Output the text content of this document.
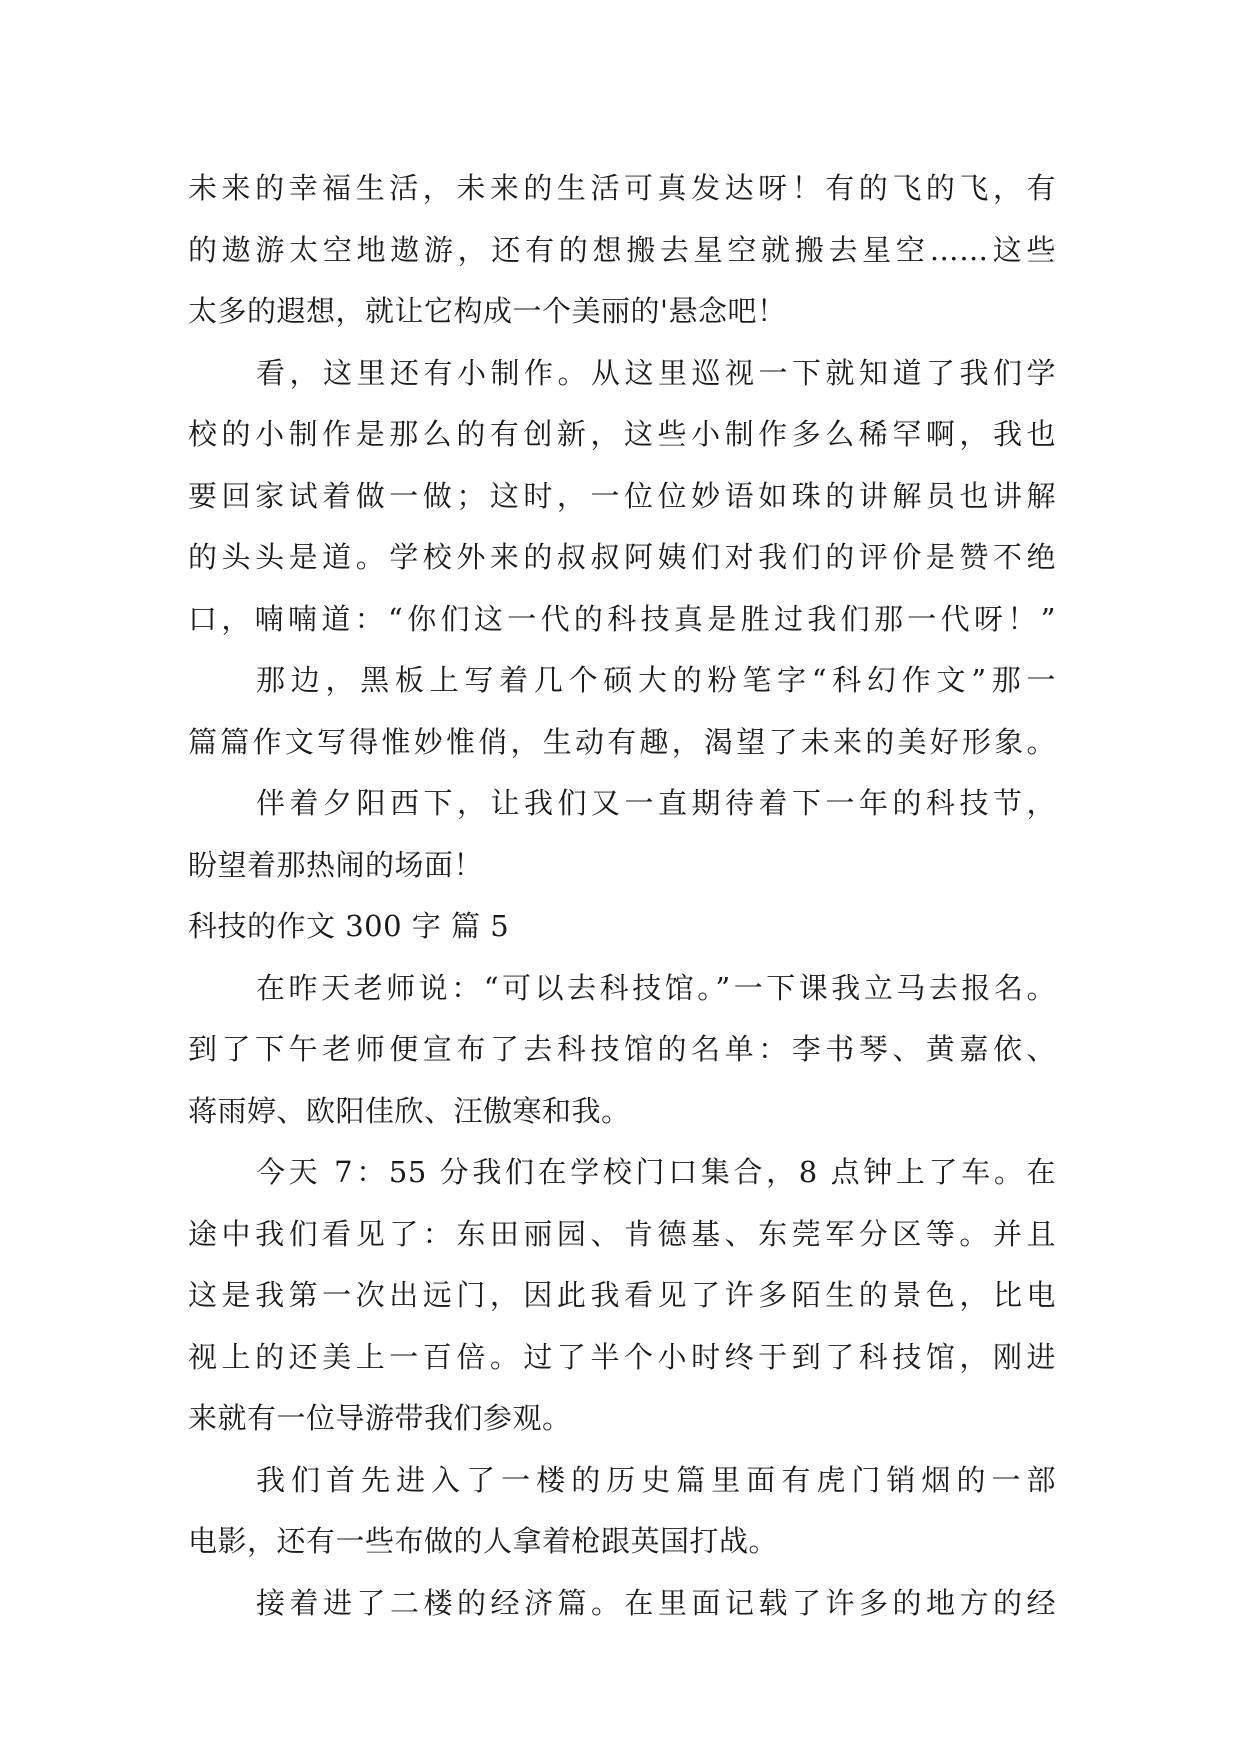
未来的幸福生活，未来的生活可真发达呀！有的飞的飞，有
的遨游太空地遨游，还有的想搬去星空就搬去星空……这些
太多的遐想，就让它构成一个美丽的'悬念吧！
看，这里还有小制作。从这里巡视一下就知道了我们学
校的小制作是那么的有创新，这些小制作多么稀罕啊，我也
要回家试着做一做；这时，一位位妙语如珠的讲解员也讲解
的头头是道。学校外来的叔叔阿姨们对我们的评价是赞不绝
口，喃喃道：“你们这一代的科技真是胜过我们那一代呀！”
那边，黑板上写着几个硕大的粉笔字“科幻作文”那一
篇篇作文写得惟妙惟俏，生动有趣，渴望了未来的美好形象。
伴着夕阳西下，让我们又一直期待着下一年的科技节，
盼望着那热闹的场面！
科技的作文 300 字 篇 5
在昨天老师说：“可以去科技馆。”一下课我立马去报名。
到了下午老师便宣布了去科技馆的名单：李书琴、黄嘉依、
蒋雨婷、欧阳佳欣、汪傲寒和我。
今天 7：55 分我们在学校门口集合，8 点钟上了车。在
途中我们看见了：东田丽园、肯德基、东莞军分区等。并且
这是我第一次出远门，因此我看见了许多陌生的景色，比电
视上的还美上一百倍。过了半个小时终于到了科技馆，刚进
来就有一位导游带我们参观。
我们首先进入了一楼的历史篇里面有虎门销烟的一部
电影，还有一些布做的人拿着枪跟英国打战。
接着进了二楼的经济篇。在里面记载了许多的地方的经
